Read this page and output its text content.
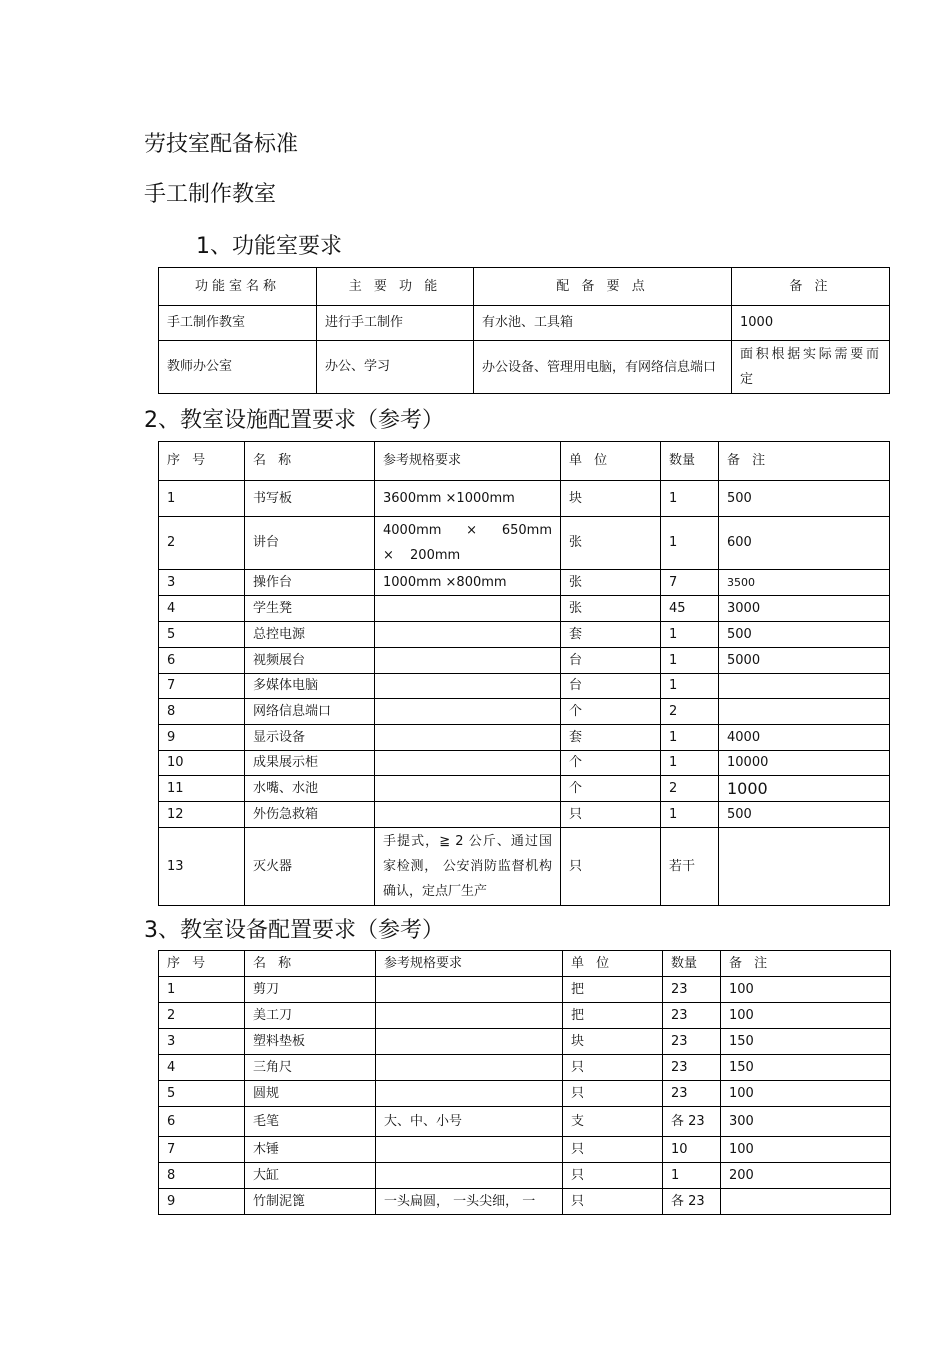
劳技室配备标准
手工制作教室
1、功能室要求
功能室名称	主 要 功 能	配 备 要 点	备 注
手工制作教室	进行手工制作	有水池、工具箱	1000
教师办公室	办公、学习	办公设备、管理用电脑，有网络信息端口	面积根据实际需要而定
2、教室设施配置要求（参考）
序 号	名 称	参考规格要求	单 位	数量	备 注
1	书写板	3600mm ×1000mm	块	1	500
2	讲台	4000mm × 650mm × 200mm	张	1	600
3	操作台	1000mm ×800mm	张	7	3500
4	学生凳		张	45	3000
5	总控电源		套	1	500
6	视频展台		台	1	5000
7	多媒体电脑		台	1	
8	网络信息端口		个	2	
9	显示设备		套	1	4000
10	成果展示柜		个	1	10000
11	水嘴、水池		个	2	1000
12	外伤急救箱		只	1	500
13	灭火器	手提式，≧ 2 公斤、通过国家检测， 公安消防监督机构确认，定点厂生产	只	若干	
3、教室设备配置要求（参考）
序 号	名 称	参考规格要求	单 位	数量	备 注
1	剪刀		把	23	100
2	美工刀		把	23	100
3	塑料垫板		块	23	150
4	三角尺		只	23	150
5	圆规		只	23	100
6	毛笔	大、中、小号	支	各 23	300
7	木锤		只	10	100
8	大缸		只	1	200
9	竹制泥篦	一头扁圆， 一头尖细， 一	只	各 23	
